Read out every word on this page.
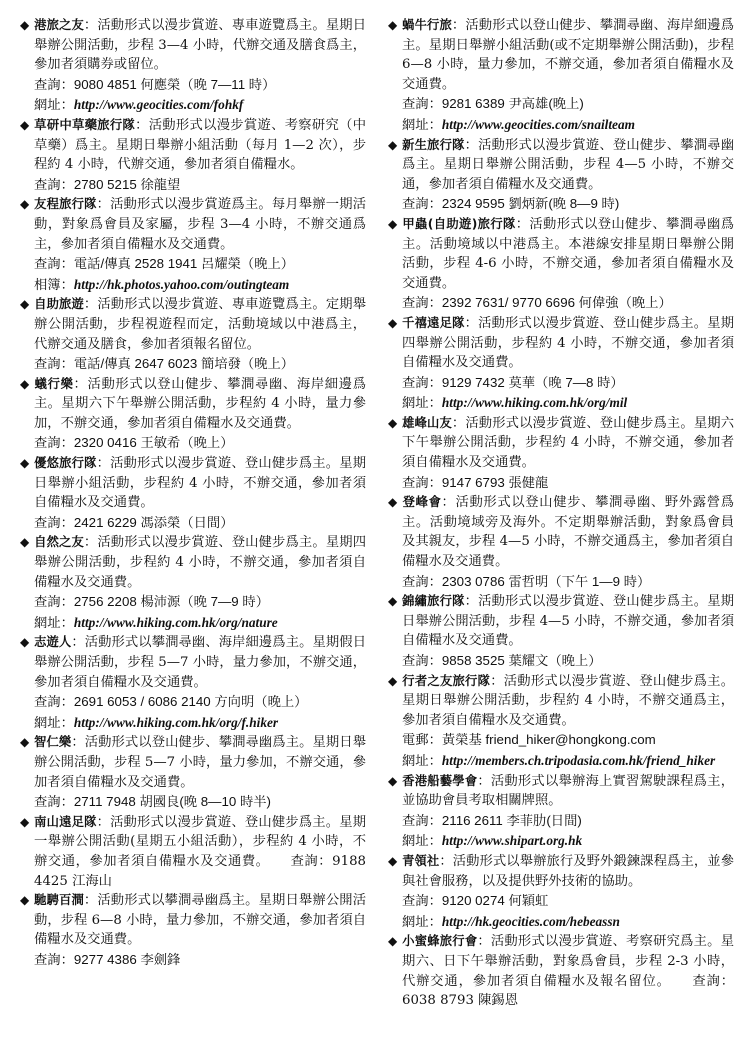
◆ 港旅之友：活動形式以漫步賞遊、專車遊覽爲主。星期日舉辦公開活動，步程 3—4 小時，代辦交通及膳食爲主，參加者須購券或留位。

查詢：9080 4851 何應榮（晚 7—11 時）
網址：http://www.geocities.com/fohkf

◆ 草研中草藥旅行隊：活動形式以漫步賞遊、考察研究（中草藥）爲主。星期日舉辦小組活動（每月 1—2 次），步程約 4 小時，代辦交通，參加者須自備糧水。

查詢：2780 5215 徐龍望

◆ 友程旅行隊：活動形式以漫步賞遊爲主。每月舉辦一期活動，對象爲會員及家屬，步程 3—4 小時，不辦交通爲主，參加者須自備糧水及交通費。

查詢：電話/傳真 2528 1941 呂耀榮（晚上）
相簿：http://hk.photos.yahoo.com/outingteam

◆ 自助旅遊：活動形式以漫步賞遊、專車遊覽爲主。定期舉辦公開活動，步程視遊程而定，活動境域以中港爲主，代辦交通及膳食，參加者須報名留位。

查詢：電話/傳真 2647 6023 簡培發（晚上）

◆ 蟻行樂：活動形式以登山健步、攀澗尋幽、海岸細邊爲主。星期六下午舉辦公開活動，步程約 4 小時，量力參加，不辦交通，參加者須自備糧水及交通費。

查詢：2320 0416 王敏希（晚上）

◆ 優悠旅行隊：活動形式以漫步賞遊、登山健步爲主。星期日舉辦小組活動，步程約 4 小時，不辦交通，參加者須自備糧水及交通費。

查詢：2421 6229 馮添榮（日間）

◆ 自然之友：活動形式以漫步賞遊、登山健步爲主。星期四舉辦公開活動，步程約 4 小時，不辦交通，參加者須自備糧水及交通費。

查詢：2756 2208 楊沛源（晚 7—9 時）
網址：http://www.hiking.com.hk/org/nature

◆ 志遊人：活動形式以攀澗尋幽、海岸細邊爲主。星期假日舉辦公開活動，步程 5—7 小時，量力參加，不辦交通，參加者須自備糧水及交通費。

查詢：2691 6053 / 6086 2140 方向明（晚上）
網址：http://www.hiking.com.hk/org/f.hiker

◆ 智仁樂：活動形式以登山健步、攀澗尋幽爲主。星期日舉辦公開活動，步程 5—7 小時，量力參加，不辦交通，參加者須自備糧水及交通費。

查詢：2711 7948 胡國良(晚 8—10 時半)

◆ 南山遠足隊：活動形式以漫步賞遊、登山健步爲主。星期一舉辦公開活動(星期五小組活動），步程約 4 小時，不辦交通，參加者須自備糧水及交通費。　　查詢：9188 4425 江海山

◆ 馳騁百澗：活動形式以攀澗尋幽爲主。星期日舉辦公開活動，步程 6—8 小時，量力參加，不辦交通，參加者須自備糧水及交通費。

查詢：9277 4386 李劍鋒

◆ 蝸牛行旅：活動形式以登山健步、攀澗尋幽、海岸細邊爲主。星期日舉辦小組活動(或不定期舉辦公開活動)，步程 6—8 小時，量力參加，不辦交通，參加者須自備糧水及交通費。

查詢：9281 6389 尹高雄(晚上)
網址：http://www.geocities.com/snailteam

◆ 新生旅行隊：活動形式以漫步賞遊、登山健步、攀澗尋幽爲主。星期日舉辦公開活動，步程 4—5 小時，不辦交通，參加者須自備糧水及交通費。

查詢：2324 9595 劉炳新(晚 8—9 時)

◆ 甲蟲(自助遊)旅行隊：活動形式以登山健步、攀澗尋幽爲主。活動境域以中港爲主。本港線安排星期日舉辦公開活動，步程 4-6 小時，不辦交通，參加者須自備糧水及交通費。

查詢：2392 7631/ 9770 6696 何偉強（晚上）

◆ 千禧遠足隊：活動形式以漫步賞遊、登山健步爲主。星期四舉辦公開活動，步程約 4 小時，不辦交通，參加者須自備糧水及交通費。

查詢：9129 7432 莫華（晚 7—8 時）
網址：http://www.hiking.com.hk/org/mil

◆ 雄峰山友：活動形式以漫步賞遊、登山健步爲主。星期六下午舉辦公開活動，步程約 4 小時，不辦交通，參加者須自備糧水及交通費。

查詢：9147 6793 張健龍

◆ 登峰會：活動形式以登山健步、攀澗尋幽、野外露營爲主。活動境域旁及海外。不定期舉辦活動，對象爲會員及其親友，步程 4—5 小時，不辦交通爲主，參加者須自備糧水及交通費。

查詢：2303 0786 雷哲明（下午 1—9 時）

◆ 錦繡旅行隊：活動形式以漫步賞遊、登山健步爲主。星期日舉辦公開活動，步程 4—5 小時，不辦交通，參加者須自備糧水及交通費。

查詢：9858 3525 葉耀文（晚上）

◆ 行者之友旅行隊：活動形式以漫步賞遊、登山健步爲主。星期日舉辦公開活動，步程約 4 小時，不辦交通爲主，參加者須自備糧水及交通費。

電郵：黃榮基 friend_hiker@hongkong.com
網址：http://members.ch.tripodasia.com.hk/friend_hiker

◆ 香港船藝學會：活動形式以舉辦海上實習駕駛課程爲主，並協助會員考取相關牌照。

查詢：2116 2611 李菲肋(日間)
網址：http://www.shipart.org.hk

◆ 青領社：活動形式以舉辦旅行及野外鍛鍊課程爲主，並參與社會服務，以及提供野外技術的協助。

查詢：9120 0274 何穎虹
網址：http://hk.geocities.com/hebeassn

◆ 小蜜蜂旅行會：活動形式以漫步賞遊、考察研究爲主。星期六、日下午舉辦活動，對象爲會員，步程 2-3 小時，代辦交通，參加者須自備糧水及報名留位。　　查詢：6038 8793 陳錫恩
